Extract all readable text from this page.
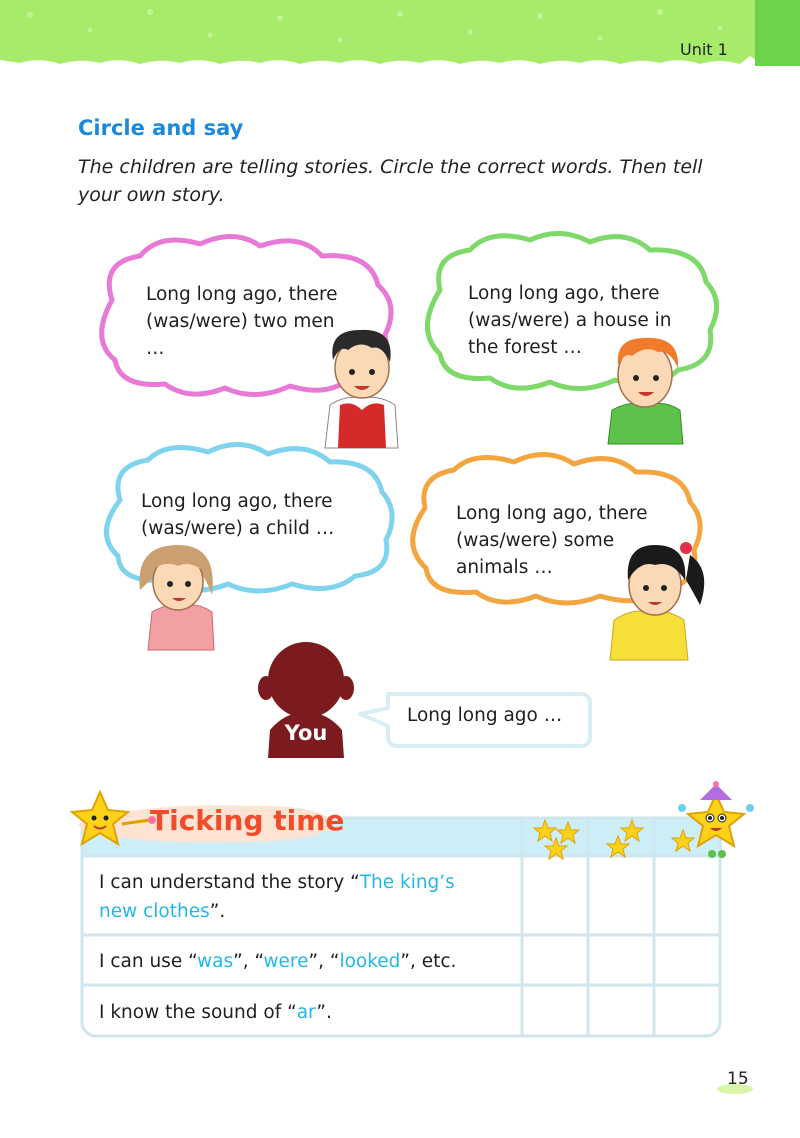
Unit 1
Circle and say
The children are telling stories. Circle the correct words. Then tell your own story.
Long long ago, there
(was/were) two men
…
Long long ago, there
(was/were) a house in
the forest …
Long long ago, there
(was/were) a child …
Long long ago, there
(was/were) some
animals …
You
Long long ago …
Ticking time
I can understand the story “The king’s
new clothes”.
I can use “was”, “were”, “looked”, etc.
I know the sound of “ar”.
15
